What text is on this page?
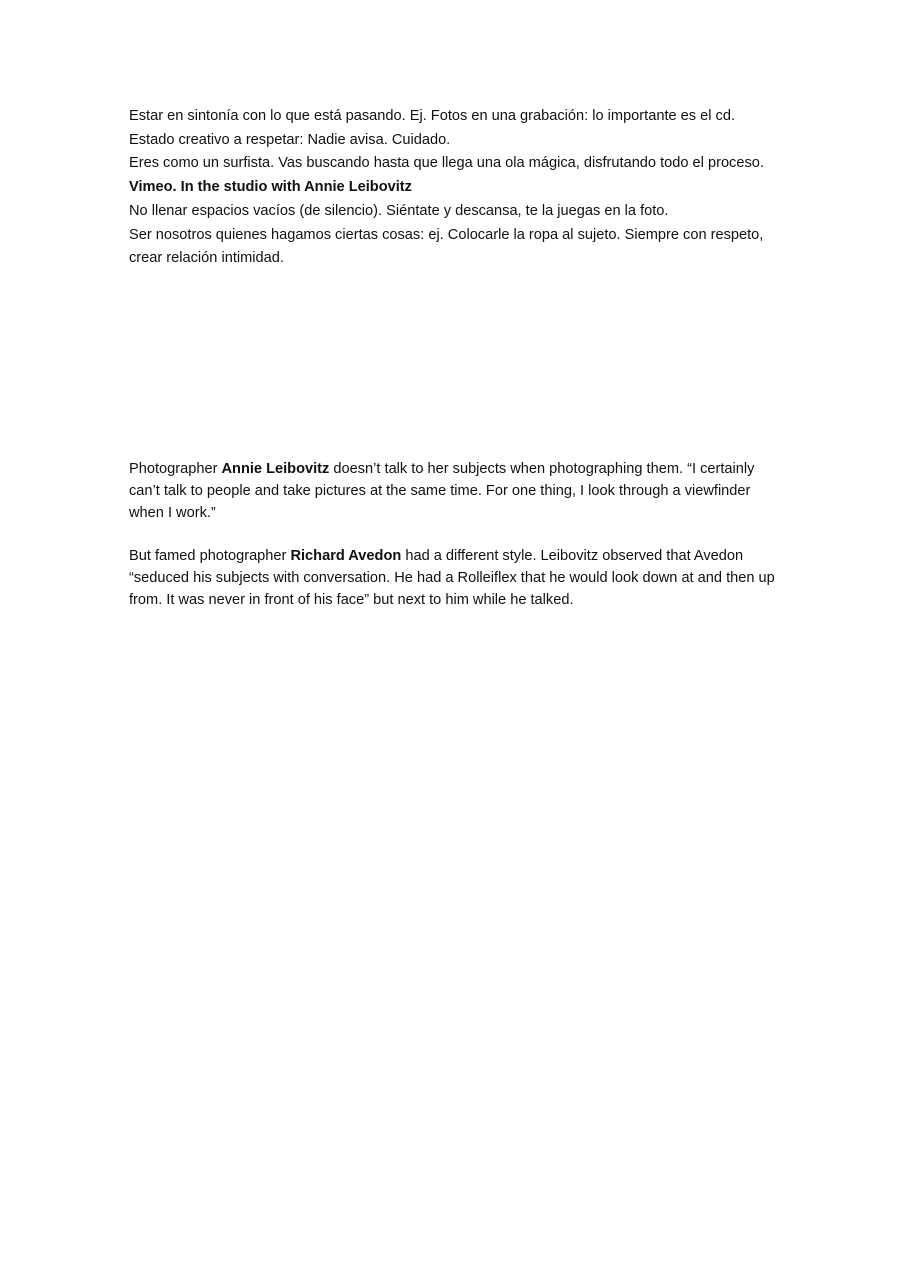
Estar en sintonía con lo que está pasando. Ej. Fotos en una grabación: lo importante es el cd.

Estado creativo a respetar: Nadie avisa. Cuidado.

Eres como un surfista. Vas buscando hasta que llega una ola mágica, disfrutando todo el proceso.

Vimeo. In the studio with Annie Leibovitz

No llenar espacios vacíos (de silencio). Siéntate y descansa, te la juegas en la foto.

Ser nosotros quienes hagamos ciertas cosas: ej. Colocarle la ropa al sujeto. Siempre con respeto, crear relación intimidad.

Photographer Annie Leibovitz doesn’t talk to her subjects when photographing them. “I certainly can’t talk to people and take pictures at the same time. For one thing, I look through a viewfinder when I work.”

But famed photographer Richard Avedon had a different style. Leibovitz observed that Avedon “seduced his subjects with conversation. He had a Rolleiflex that he would look down at and then up from. It was never in front of his face” but next to him while he talked.
